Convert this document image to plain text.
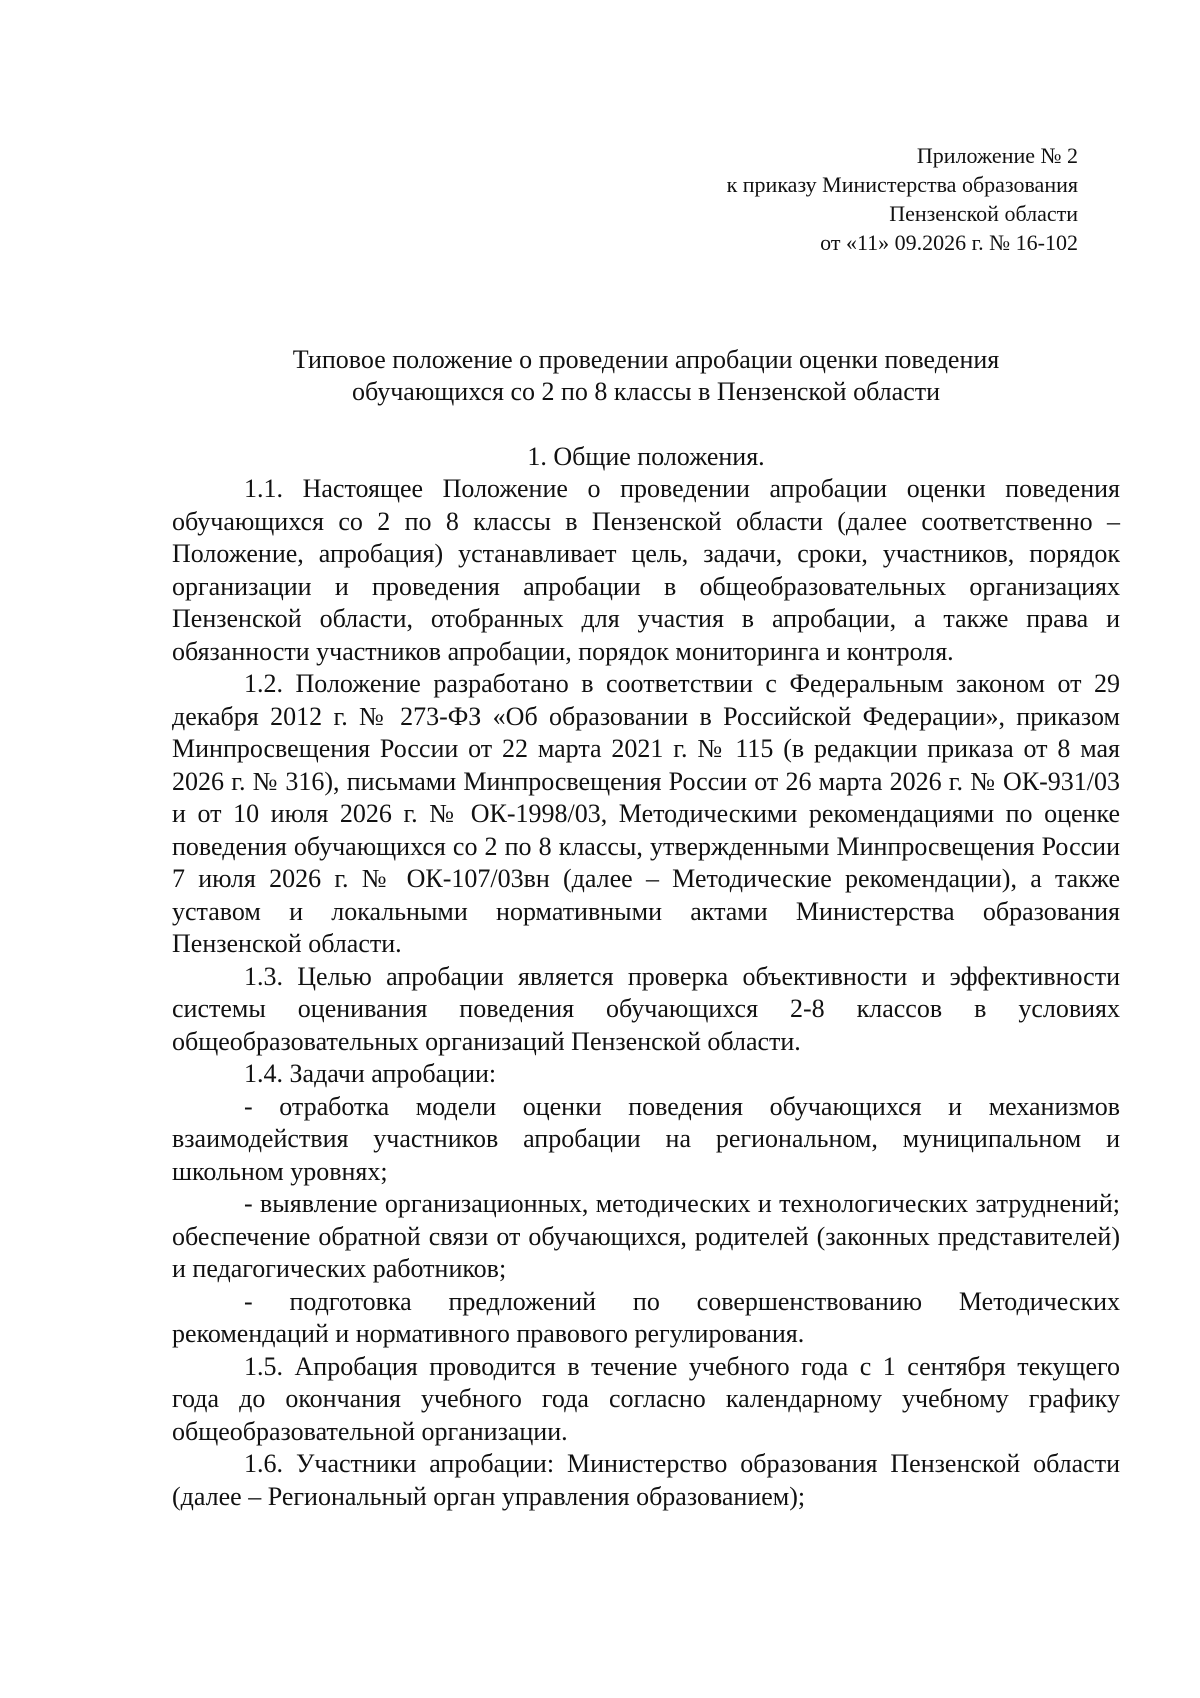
Приложение № 2
к приказу Министерства образования
Пензенской области
от «11» 09.2026 г. № 16-102
Типовое положение о проведении апробации оценки поведения
обучающихся со 2 по 8 классы в Пензенской области
1. Общие положения.

1.1. Настоящее Положение о проведении апробации оценки поведения обучающихся со 2 по 8 классы в Пензенской области (далее соответственно – Положение, апробация) устанавливает цель, задачи, сроки, участников, порядок организации и проведения апробации в общеобразовательных организациях Пензенской области, отобранных для участия в апробации, а также права и обязанности участников апробации, порядок мониторинга и контроля.

1.2. Положение разработано в соответствии с Федеральным законом от 29 декабря 2012 г. № 273-ФЗ «Об образовании в Российской Федерации», приказом Минпросвещения России от 22 марта 2021 г. № 115 (в редакции приказа от 8 мая 2026 г. № 316), письмами Минпросвещения России от 26 марта 2026 г. № ОК-931/03 и от 10 июля 2026 г. № ОК-1998/03, Методическими рекомендациями по оценке поведения обучающихся со 2 по 8 классы, утвержденными Минпросвещения России 7 июля 2026 г. № ОК-107/03вн (далее – Методические рекомендации), а также уставом и локальными нормативными актами Министерства образования Пензенской области.

1.3. Целью апробации является проверка объективности и эффективности системы оценивания поведения обучающихся 2-8 классов в условиях общеобразовательных организаций Пензенской области.

1.4. Задачи апробации:

- отработка модели оценки поведения обучающихся и механизмов взаимодействия участников апробации на региональном, муниципальном и школьном уровнях;

- выявление организационных, методических и технологических затруднений; обеспечение обратной связи от обучающихся, родителей (законных представителей) и педагогических работников;

- подготовка предложений по совершенствованию Методических рекомендаций и нормативного правового регулирования.

1.5. Апробация проводится в течение учебного года с 1 сентября текущего года до окончания учебного года согласно календарному учебному графику общеобразовательной организации.

1.6. Участники апробации: Министерство образования Пензенской области (далее – Региональный орган управления образованием);
